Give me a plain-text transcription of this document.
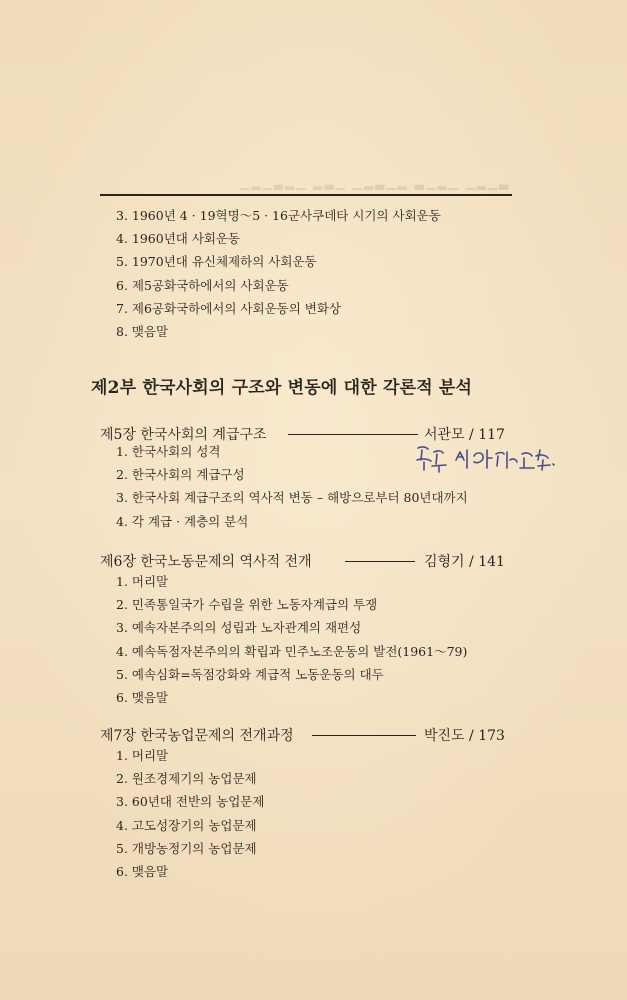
▁▂▁▃▂▁ ▂▃▁ ▁▂▃▁▂ ▃▁▂▁ ▁▂▁▃
3. 1960년 4 · 19혁명～5 · 16군사쿠데타 시기의 사회운동
4. 1960년대 사회운동
5. 1970년대 유신체제하의 사회운동
6. 제5공화국하에서의 사회운동
7. 제6공화국하에서의 사회운동의 변화상
8. 맺음말
제2부 한국사회의 구조와 변동에 대한 각론적 분석
제5장 한국사회의 계급구조	서관모 / 117
1. 한국사회의 성격
2. 한국사회의 계급구성
3. 한국사회 계급구조의 역사적 변동 – 해방으로부터 80년대까지
4. 각 계급 · 계층의 분석
제6장 한국노동문제의 역사적 전개	김형기 / 141
1. 머리말
2. 민족통일국가 수립을 위한 노동자계급의 투쟁
3. 예속자본주의의 성립과 노자관계의 재편성
4. 예속독점자본주의의 확립과 민주노조운동의 발전(1961～79)
5. 예속심화=독점강화와 계급적 노동운동의 대두
6. 맺음말
제7장 한국농업문제의 전개과정	박진도 / 173
1. 머리말
2. 원조경제기의 농업문제
3. 60년대 전반의 농업문제
4. 고도성장기의 농업문제
5. 개방농정기의 농업문제
6. 맺음말
